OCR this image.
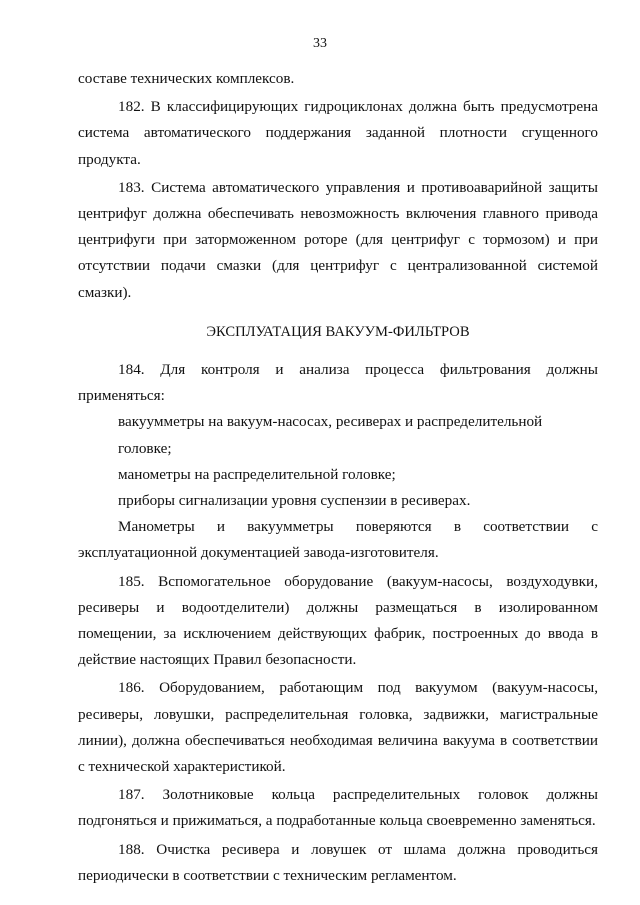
33

составе технических комплексов.

182. В классифицирующих гидроциклонах должна быть предусмотрена система автоматического поддержания заданной плотности сгущенного продукта.

183. Система автоматического управления и противоаварийной защиты центрифуг должна обеспечивать невозможность включения главного привода центрифуги при заторможенном роторе (для центрифуг с тормозом) и при отсутствии подачи смазки (для центрифуг с централизованной системой смазки).

ЭКСПЛУАТАЦИЯ ВАКУУМ-ФИЛЬТРОВ

184. Для контроля и анализа процесса фильтрования должны применяться:

вакуумметры на вакуум-насосах, ресиверах и распределительной головке;

манометры на распределительной головке;

приборы сигнализации уровня суспензии в ресиверах.

Манометры и вакуумметры поверяются в соответствии с эксплуатационной документацией завода-изготовителя.

185. Вспомогательное оборудование (вакуум-насосы, воздуходувки, ресиверы и водоотделители) должны размещаться в изолированном помещении, за исключением действующих фабрик, построенных до ввода в действие настоящих Правил безопасности.

186. Оборудованием, работающим под вакуумом (вакуум-насосы, ресиверы, ловушки, распределительная головка, задвижки, магистральные линии), должна обеспечиваться необходимая величина вакуума в соответствии с технической характеристикой.

187. Золотниковые кольца распределительных головок должны подгоняться и прижиматься, а подработанные кольца своевременно заменяться.

188. Очистка ресивера и ловушек от шлама должна проводиться периодически в соответствии с техническим регламентом.
